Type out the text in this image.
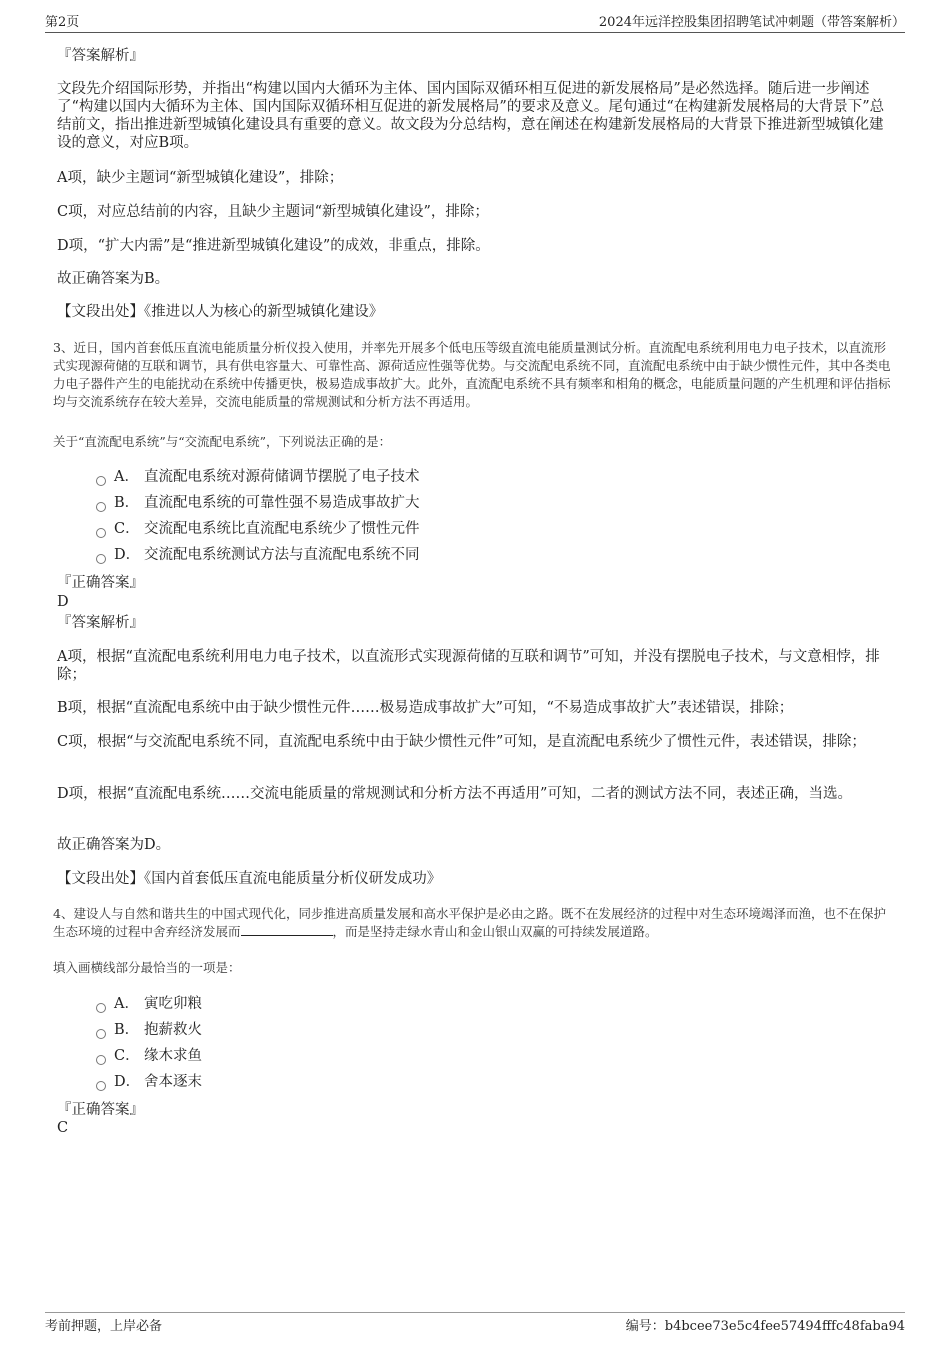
第2页	2024年远洋控股集团招聘笔试冲刺题（带答案解析）
『答案解析』
文段先介绍国际形势，并指出“构建以国内大循环为主体、国内国际双循环相互促进的新发展格局”是必然选择。随后进一步阐述了“构建以国内大循环为主体、国内国际双循环相互促进的新发展格局”的要求及意义。尾句通过“在构建新发展格局的大背景下”总结前文，指出推进新型城镇化建设具有重要的意义。故文段为分总结构，意在阐述在构建新发展格局的大背景下推进新型城镇化建设的意义，对应B项。
A项，缺少主题词“新型城镇化建设”，排除；
C项，对应总结前的内容，且缺少主题词“新型城镇化建设”，排除；
D项，“扩大内需”是“推进新型城镇化建设”的成效，非重点，排除。
故正确答案为B。
【文段出处】《推进以人为核心的新型城镇化建设》
3、近日，国内首套低压直流电能质量分析仪投入使用，并率先开展多个低电压等级直流电能质量测试分析。直流配电系统利用电力电子技术，以直流形式实现源荷储的互联和调节，具有供电容量大、可靠性高、源荷适应性强等优势。与交流配电系统不同，直流配电系统中由于缺少惯性元件，其中各类电力电子器件产生的电能扰动在系统中传播更快，极易造成事故扩大。此外，直流配电系统不具有频率和相角的概念，电能质量问题的产生机理和评估指标均与交流系统存在较大差异，交流电能质量的常规测试和分析方法不再适用。
关于“直流配电系统”与“交流配电系统”，下列说法正确的是：
A． 直流配电系统对源荷储调节摆脱了电子技术
B． 直流配电系统的可靠性强不易造成事故扩大
C． 交流配电系统比直流配电系统少了惯性元件
D． 交流配电系统测试方法与直流配电系统不同
『正确答案』
D
『答案解析』
A项，根据“直流配电系统利用电力电子技术，以直流形式实现源荷储的互联和调节”可知，并没有摆脱电子技术，与文意相悖，排除；
B项，根据“直流配电系统中由于缺少惯性元件……极易造成事故扩大”可知，“不易造成事故扩大”表述错误，排除；
C项，根据“与交流配电系统不同，直流配电系统中由于缺少惯性元件”可知，是直流配电系统少了惯性元件，表述错误，排除；
D项，根据“直流配电系统……交流电能质量的常规测试和分析方法不再适用”可知，二者的测试方法不同，表述正确，当选。
故正确答案为D。
【文段出处】《国内首套低压直流电能质量分析仪研发成功》
4、建设人与自然和谐共生的中国式现代化，同步推进高质量发展和高水平保护是必由之路。既不在发展经济的过程中对生态环境竭泽而渔，也不在保护生态环境的过程中舍弃经济发展而	，而是坚持走绿水青山和金山银山双赢的可持续发展道路。
填入画横线部分最恰当的一项是：
A． 寅吃卯粮
B． 抱薪救火
C． 缘木求鱼
D． 舍本逐末
『正确答案』
C
考前押题，上岸必备	编号：b4bcee73e5c4fee57494fffc48faba94
